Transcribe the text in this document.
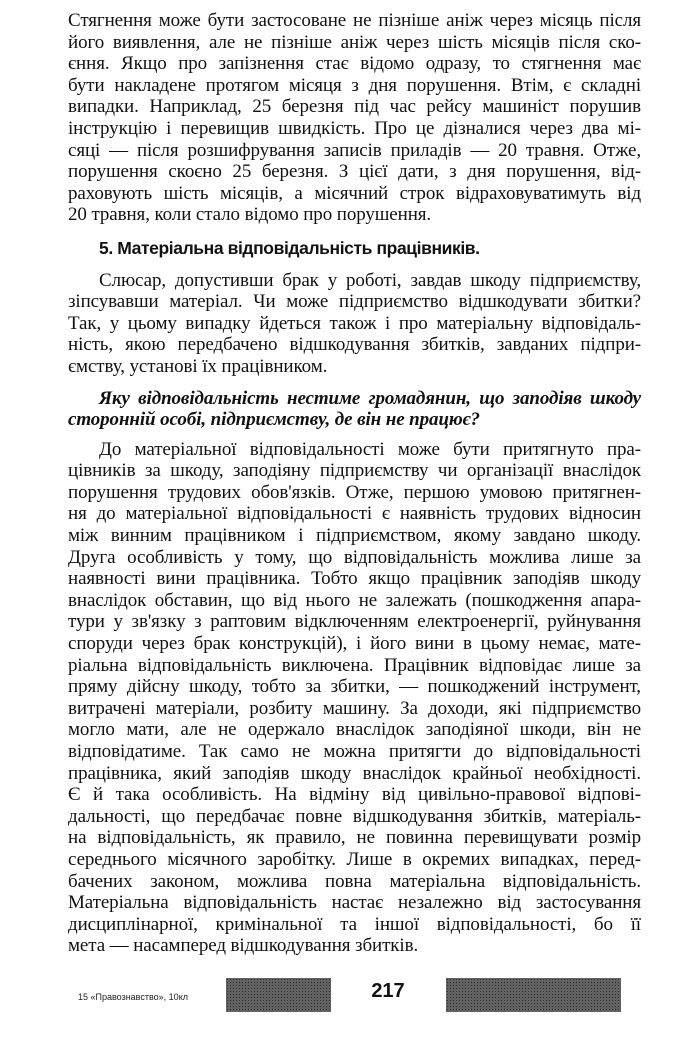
Стягнення може бути застосоване не пізніше аніж через місяць після
його виявлення, але не пізніше аніж через шість місяців після ско-
єння. Якщо про запізнення стає відомо одразу, то стягнення має
бути накладене протягом місяця з дня порушення. Втім, є складні
випадки. Наприклад, 25 березня під час рейсу машиніст порушив
інструкцію і перевищив швидкість. Про це дізналися через два мі-
сяці — після розшифрування записів приладів — 20 травня. Отже,
порушення скоєно 25 березня. З цієї дати, з дня порушення, від-
раховують шість місяців, а місячний строк відраховуватимуть від
20 травня, коли стало відомо про порушення.
5. Матеріальна відповідальність працівників.
Слюсар, допустивши брак у роботі, завдав шкоду підприємству,
зіпсувавши матеріал. Чи може підприємство відшкодувати збитки?
Так, у цьому випадку йдеться також і про матеріальну відповідаль-
ність, якою передбачено відшкодування збитків, завданих підпри-
ємству, установі їх працівником.
Яку відповідальність нестиме громадянин, що заподіяв шкоду
сторонній особі, підприємству, де він не працює?
До матеріальної відповідальності може бути притягнуто пра-
цівників за шкоду, заподіяну підприємству чи організації внаслідок
порушення трудових обов'язків. Отже, першою умовою притягнен-
ня до матеріальної відповідальності є наявність трудових відносин
між винним працівником і підприємством, якому завдано шкоду.
Друга особливість у тому, що відповідальність можлива лише за
наявності вини працівника. Тобто якщо працівник заподіяв шкоду
внаслідок обставин, що від нього не залежать (пошкодження апара-
тури у зв'язку з раптовим відключенням електроенергії, руйнування
споруди через брак конструкцій), і його вини в цьому немає, мате-
ріальна відповідальність виключена. Працівник відповідає лише за
пряму дійсну шкоду, тобто за збитки, — пошкоджений інструмент,
витрачені матеріали, розбиту машину. За доходи, які підприємство
могло мати, але не одержало внаслідок заподіяної шкоди, він не
відповідатиме. Так само не можна притягти до відповідальності
працівника, який заподіяв шкоду внаслідок крайньої необхідності.
Є й така особливість. На відміну від цивільно-правової відпові-
дальності, що передбачає повне відшкодування збитків, матеріаль-
на відповідальність, як правило, не повинна перевищувати розмір
середнього місячного заробітку. Лише в окремих випадках, перед-
бачених законом, можлива повна матеріальна відповідальність.
Матеріальна відповідальність настає незалежно від застосування
дисциплінарної, кримінальної та іншої відповідальності, бо її
мета — насамперед відшкодування збитків.
15 «Правознавство», 10кл	217
